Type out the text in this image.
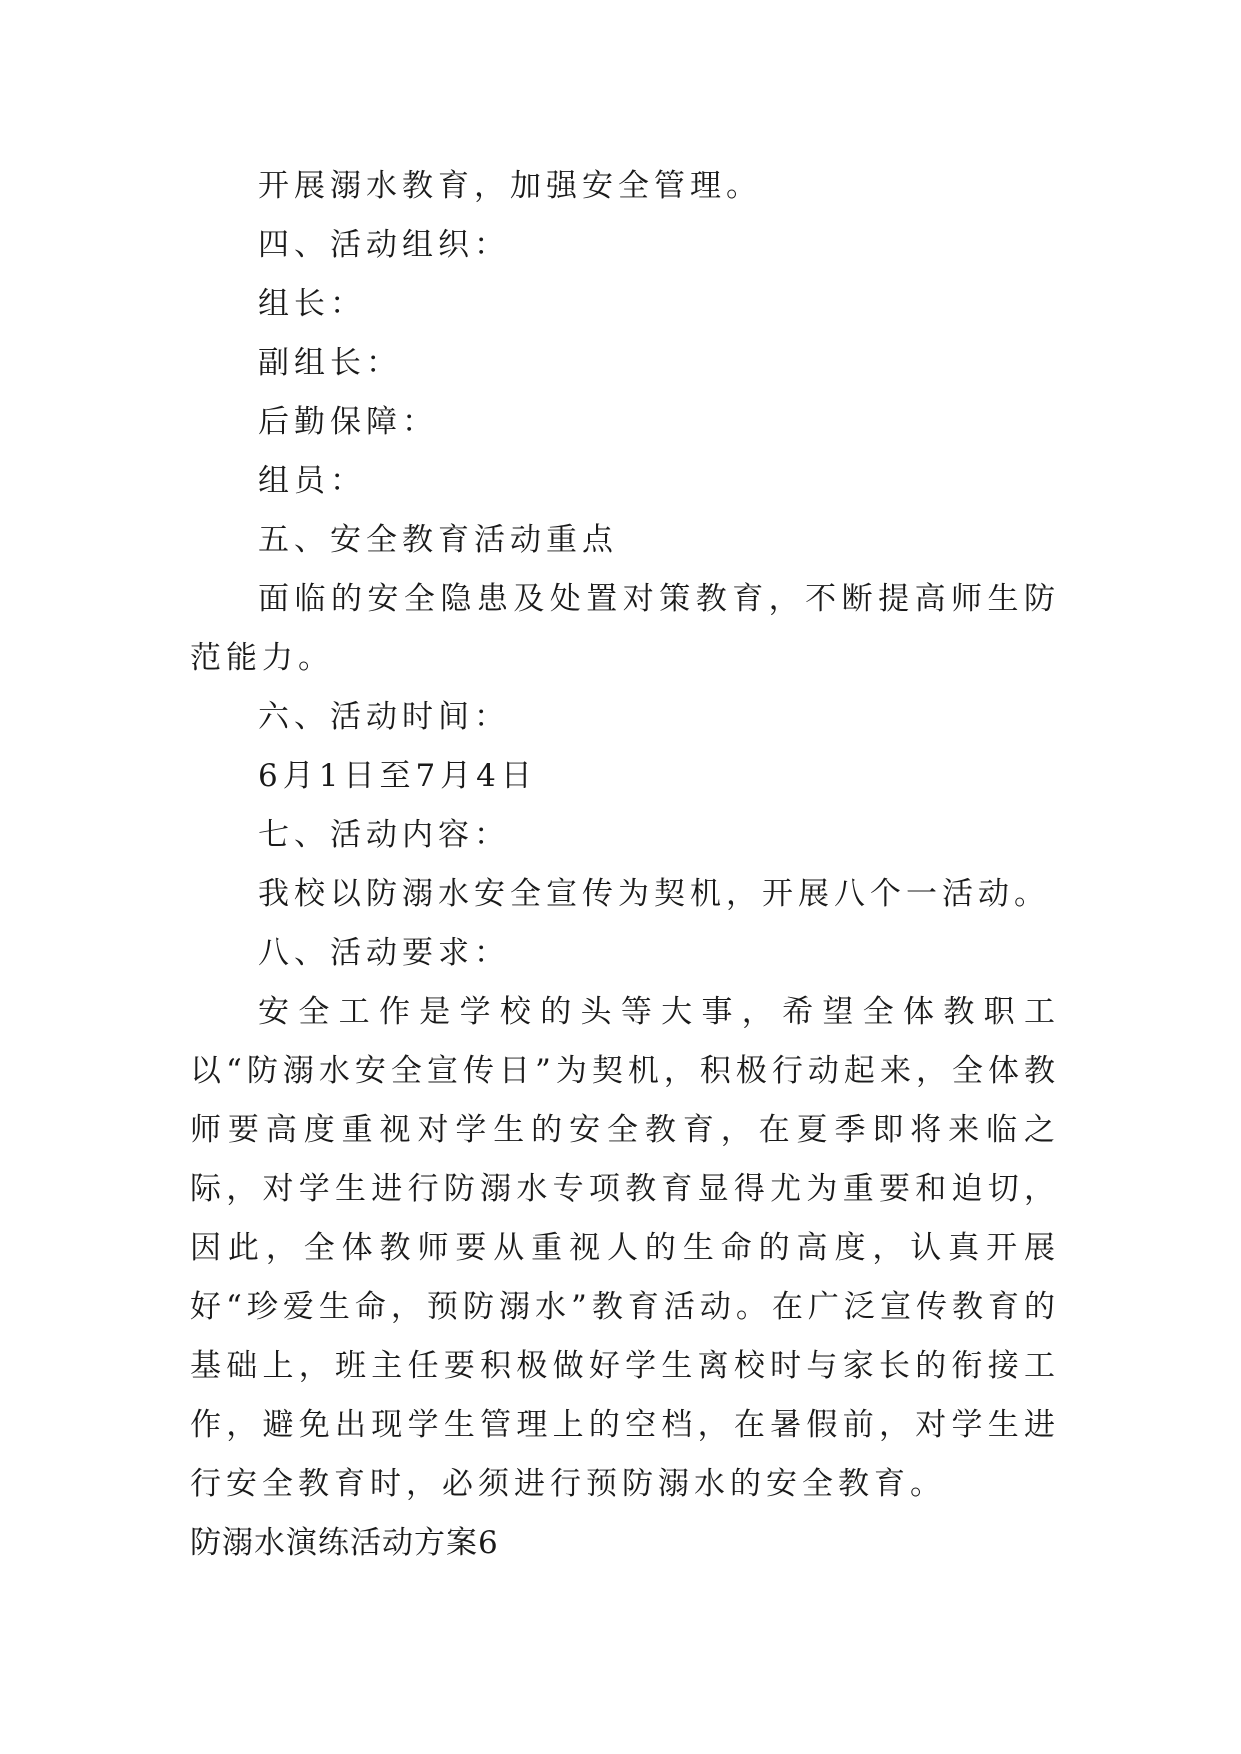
开展溺水教育，加强安全管理。

四、活动组织：

组长：

副组长：

后勤保障：

组员：

五、安全教育活动重点

面临的安全隐患及处置对策教育，不断提高师生防范能力。

六、活动时间：

6月1日至7月4日

七、活动内容：

我校以防溺水安全宣传为契机，开展八个一活动。

八、活动要求：

安全工作是学校的头等大事，希望全体教职工以“防溺水安全宣传日”为契机，积极行动起来，全体教师要高度重视对学生的安全教育，在夏季即将来临之际，对学生进行防溺水专项教育显得尤为重要和迫切，因此，全体教师要从重视人的生命的高度，认真开展好“珍爱生命，预防溺水”教育活动。在广泛宣传教育的基础上，班主任要积极做好学生离校时与家长的衔接工作，避免出现学生管理上的空档，在暑假前，对学生进行安全教育时，必须进行预防溺水的安全教育。

防溺水演练活动方案6
